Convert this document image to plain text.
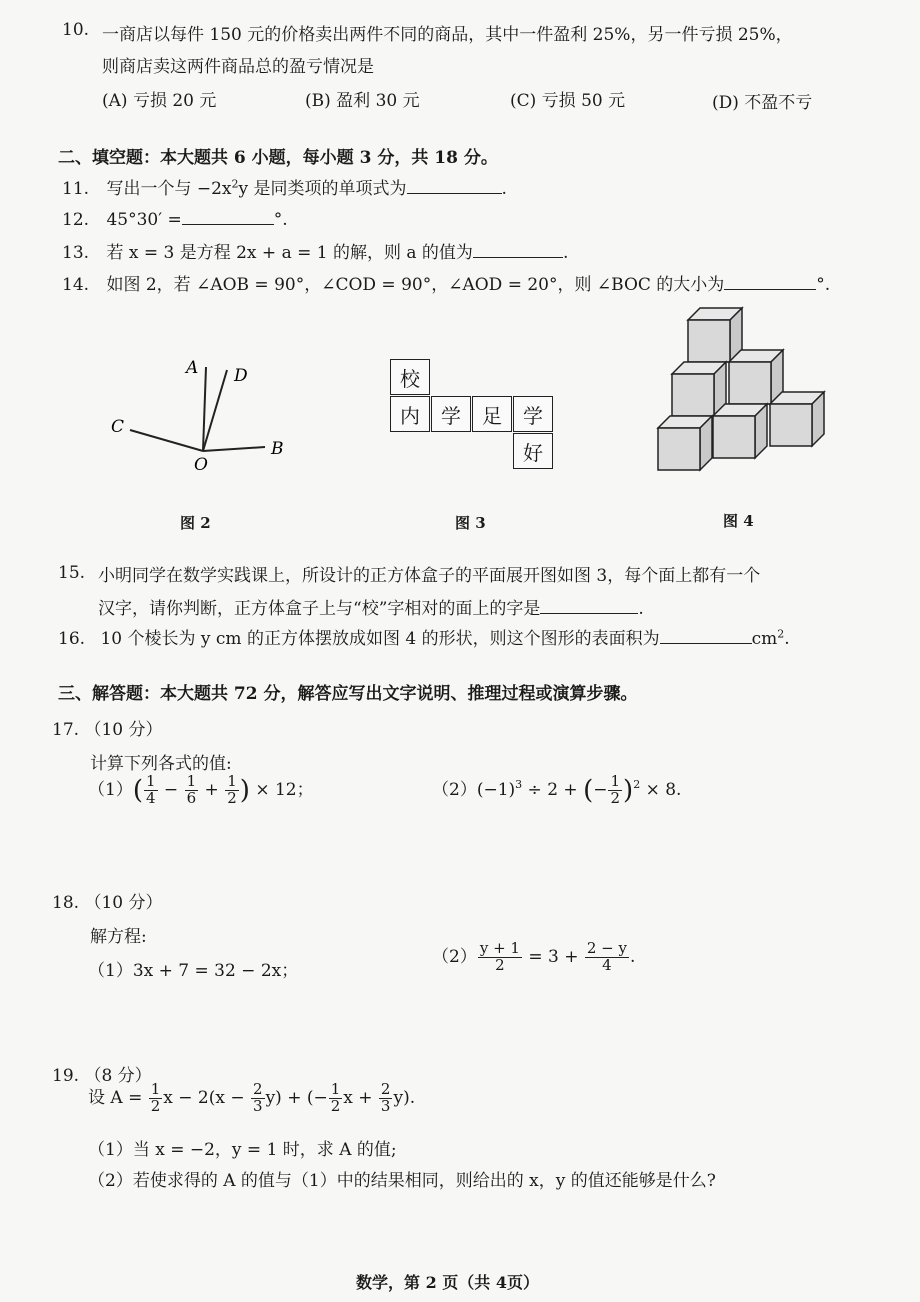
10. 一商店以每件 150 元的价格卖出两件不同的商品，其中一件盈利 25%，另一件亏损 25%，
则商店卖这两件商品总的盈亏情况是
(A) 亏损 20 元	(B) 盈利 30 元	(C) 亏损 50 元	(D) 不盈不亏
二、填空题：本大题共 6 小题，每小题 3 分，共 18 分。
11. 写出一个与 $-2x^2y$ 是同类项的单项式为	.
12. 45°30′ =	°.
13. 若 x = 3 是方程 2x + a = 1 的解，则 a 的值为	.
14. 如图 2，若 ∠AOB = 90°，∠COD = 90°，∠AOD = 20°，则 ∠BOC 的大小为	°.
A D
C
O
B
图 2
校
内	学	足	学
好
图 3	图 4
15. 小明同学在数学实践课上，所设计的正方体盒子的平面展开图如图 3，每个面上都有一个
汉字，请你判断，正方体盒子上与“校”字相对的面上的字是	.
16. 10 个棱长为 y cm 的正方体摆放成如图 4 的形状，则这个图形的表面积为	$cm^2$.
三、解答题：本大题共 72 分，解答应写出文字说明、推理过程或演算步骤。
17. （10 分）
计算下列各式的值:
$(1)( \frac{1}{4} - \frac{1}{6} + \frac{1}{2}$ ) × 12；	$(2)(-1)^3 \div 2$ + (− $\frac{1}{2} )^2 \times 8$.
18. （10 分）
解方程:
（1）3x + 7 = 32 − 2x；
$(2) \frac{y + 1}{2} = 3 + \frac{2 - y}{4}$ .
19. （8 分）
设 $A = \frac{1}{2}$ $x - 2(x - \frac{2}{3} y)$ + (− $\frac{1}{2}$ $x + \frac{2}{3} y$).
（1）当 x = −2，y = 1 时，求 A 的值;
（2）若使求得的 A 的值与（1）中的结果相同，则给出的 x，y 的值还能够是什么?
数学，第 2 页（共 4页）
